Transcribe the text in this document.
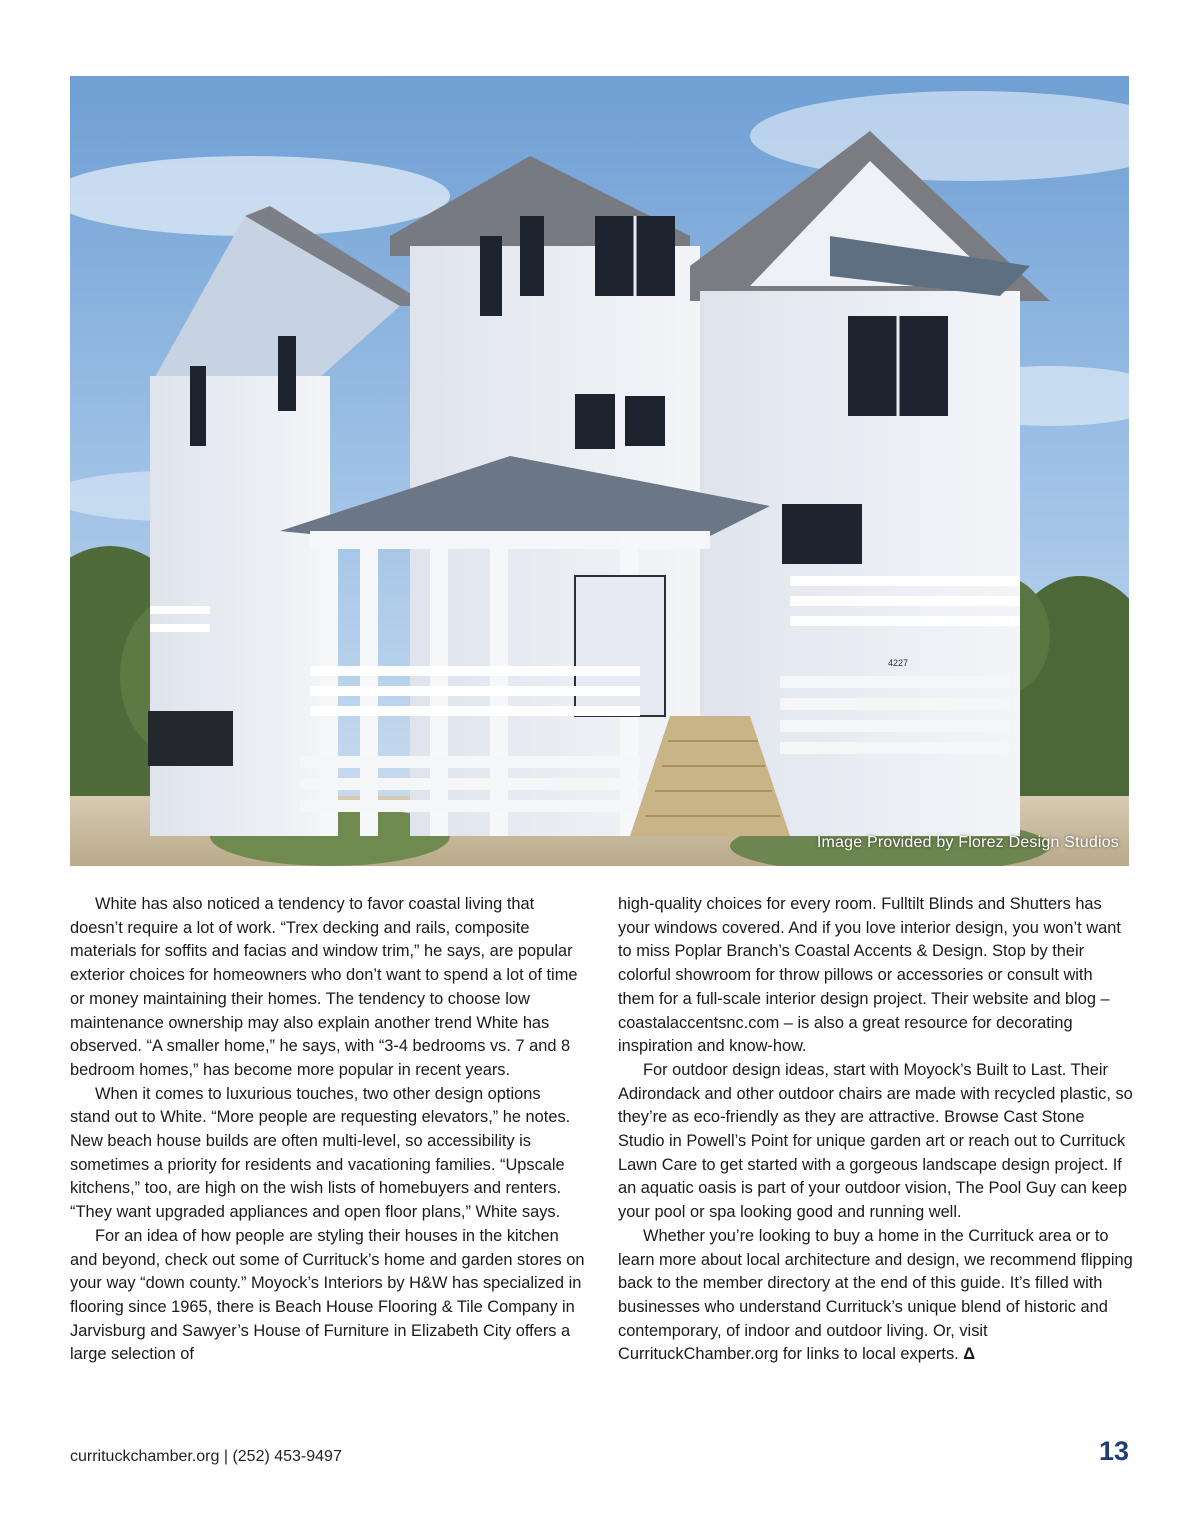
4227
Image Provided by Florez Design Studios

White has also noticed a tendency to favor coastal living that doesn’t require a lot of work. “Trex decking and rails, composite materials for soffits and facias and window trim,” he says, are popular exterior choices for homeowners who don’t want to spend a lot of time or money maintaining their homes. The tendency to choose low maintenance ownership may also explain another trend White has observed. “A smaller home,” he says, with “3-4 bedrooms vs. 7 and 8 bedroom homes,” has become more popular in recent years.

When it comes to luxurious touches, two other design options stand out to White. “More people are requesting elevators,” he notes. New beach house builds are often multi-level, so accessibility is sometimes a priority for residents and vacationing families. “Upscale kitchens,” too, are high on the wish lists of homebuyers and renters. “They want upgraded appliances and open floor plans,” White says.

For an idea of how people are styling their houses in the kitchen and beyond, check out some of Currituck’s home and garden stores on your way “down county.” Moyock’s Interiors by H&W has specialized in flooring since 1965, there is Beach House Flooring & Tile Company in Jarvisburg and Sawyer’s House of Furniture in Elizabeth City offers a large selection of

high-quality choices for every room. Fulltilt Blinds and Shutters has your windows covered. And if you love interior design, you won’t want to miss Poplar Branch’s Coastal Accents & Design. Stop by their colorful showroom for throw pillows or accessories or consult with them for a full-scale interior design project. Their website and blog – coastalaccentsnc.com – is also a great resource for decorating inspiration and know-how.

For outdoor design ideas, start with Moyock’s Built to Last. Their Adirondack and other outdoor chairs are made with recycled plastic, so they’re as eco-friendly as they are attractive. Browse Cast Stone Studio in Powell’s Point for unique garden art or reach out to Currituck Lawn Care to get started with a gorgeous landscape design project. If an aquatic oasis is part of your outdoor vision, The Pool Guy can keep your pool or spa looking good and running well.

Whether you’re looking to buy a home in the Currituck area or to learn more about local architecture and design, we recommend flipping back to the member directory at the end of this guide. It’s filled with businesses who understand Currituck’s unique blend of historic and contemporary, of indoor and outdoor living. Or, visit CurrituckChamber.org for links to local experts. Δ

currituckchamber.org | (252) 453-9497	13
